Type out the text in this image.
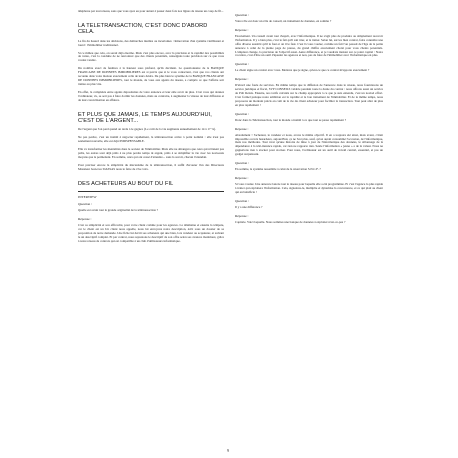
téléphone par tout réseau, sans que vous ayez eu pour autant à passer deux fois nos lignes de réseau un coup de fil...

LA TELETRANSACTION, C'EST DONC D'ABORD CELA.

La fin du hasard dans les décisions, des démarches inutiles ou incertaines : Rénovation d'un système vieillissant et lourd : l'immobilier traditionnel.

Si ce milieu que cela, on serait déjà énorme. Mais c'est plus encore, avec la précision et la rapidité des possibilités de vente, c'est la conduite de ne rencontrer que des clients potentiels, renseignés toute précision sur ce que vous voulez vendre.

Du nombre exact de fenêtres à la hauteur sous plafond, qu'ils décident. Le questionnaire de la BANQUE FRANCAISE DE DONNEES IMMOBILIERES est si précis que si le vous contactent, c'est que vos clients ont reconnu dans votre maison exactement celle de leurs désirs. De plus bien le système de la BANQUE FRANCAISE DE DONNEES IMMOBILIERES, tout le monde, de vous aux agents du réseau, a compris ce que l'affaire soit traitée au plus vite.

En effet, la complétée entre agents dépositaires de votre annonce et leur zèle avoir de plus. C'est vous qui donnez l'ordinateur, vu, se sert pas à faire dormir les données, mais au contraire, à augmenter la vitesse de leur diffusion et de leur concrétisation en affaires.

ET PLUS QUE JAMAIS, LE TEMPS AUJOURD'HUI, C'EST DE L'ARGENT...

De l'argent que l'on perd quand on tarde à le gagner. (Le coût de la vie augmente annuellement de 14 à 17 %).

Ne pas perdre, c'est un intérêt à négocier rapidement, la télétransaction arrive à point nommé : elle n'est pas seulement nouvelle, elle est déjà INDISPENSABLE.

Elle va transformer les mentalités dans le secteur de l'immobilier. Mais elle ne dérangera que ceux qui n'étaient pas prêts, les autres sont déjà prêts à ne plus perdre temps ni argent, prêts à se simplifier la vie avec les nouveaux moyens que le permettent. En somme, ceux qui ont cessé d'attendre... sans la savoir, chacun l'attendait.

Pour préciser encore la simplicité du mécanisme de la télétransaction, il suffit d'écouter l'un des Directeurs Monsieur Jean-Luc DASSAS nous le faire de vive voix.

DES ACHETEURS AU BOUT DU FIL
INTERVIEW
Question :

Quelle est avant tout la grande originalité de la télétransaction ?

Réponse :

C'est sa simplicité et son efficacité, pour votre client comme pour les agences. La télémaine et ensuite la télépaie, car le client est un Un client nous appelle, nous lui envoyons notre description, écrit sous un dossier de sa proposition de notre demande. Une fiche lui décrit ses acheteurs qui une bien, lors vendeur ou acquéreur, et suivant le un descriptif complet. Et par contrat, nous reprenons le descriptif de son offre selon ses avances matériaux, grâce à notre réseau de contrats qui est compatible à un club d'utilisateurs informatique.

Question :

Votre rôle est donc un rôle de conseil, un traitement de données, en somme ?

Réponse :

Exactement. Un conseil avant tout d'esprit, avec l'informatique. Il ne s'agit plus de produire ou simplement recevoir l'information. Il y a bien plus, c'est le fait qu'il sait trier, et la traiter. Selon lui, sur les bien contrat, faire connaître une offre diverse aussitôt qu'il le faut et où il le faut. C'est là vous voulez, comme un fait l'on passait de l'âge de la petite annonce à celui de la pleine page de presse, du grand chiffre exactement choisi pour vous clients potentiels. L'ampleur change, la précision de l'objectif aussi. Autre différence, et je voudrais insister sur ce point capital : Notre vocation, c'est d'être un outil d'épauler les agences et non, pas de faire de l'immobilier avec l'informatique en plus.

Question :

Le client signe un contrat avec vous. Mettons que je signe, qu'est-ce que ce contrat m'apporte exactement ?

Réponse :

D'abord une foule de services. En même temps que la diffusion de l'annonce dans le réseau, nous fournissons un service juridique et fiscal, SVP CONSEILS valable pendant toute la durée du contrat : nous offrons aussi un service de Prêt Relais. Ensuite, nos tarifs calculés sur le champ appropriés à ce que je suis entendu, c'est un nouvel effort. C'est formel puisque notre ambition est la rapidité et le bon traitement de l'immobilier. Et de le même temps, nous proposons un montant précis en coût de la vie du client acheteur pour faciliter la transaction. Tout peut aller de plus en plus rapidement !

Question :

Donc dans la Télétransaction, tout le monde a intérêt à ce que tout se passe rapidement ?

Réponse :

Absolument ! l'acheteur, le vendeur et nous, avons le même objectif. Il en a toujours été ainsi, mais avant, c'était impossible ou très hasardeux, aujourd'hui, ça ne l'est plus, sauf, qu'on aurait consommé l'occasion, de l'informatique, mais nos méthodes. Tout n'est qu'une histoire de mise à jour de l'informatique des données, le sillonnage de la dépendance à la télé-instance rapide, car rien ne rapporte rien. Seule l'information « jeune » a de la valeur. Nous ne gagnerions rien à stocker pour stocker. Pour nous, l'ordinateur est un outil de travail central, essentiel, et pas un gadget surpuissant.

Question :

En somme, le système ressemble à celui de la réservation S.N.C.F. ?

Réponse :

Si vous voulez. Une annonce lancée tout le réseau pour laquelle elle a été programmée. Et c'est l'agence la plus rapide à traiter qui exploitera l'information. Cela, signalons-le, multiplie et dynamise la concurrence, et ce qui plait au client qui en bénéficie !

Question :

Il y a une différence ?

Réponse :

Capitale. Voici laquelle. Nous sommes une banque de données à exploiter n'est-ce-pas ?

9
